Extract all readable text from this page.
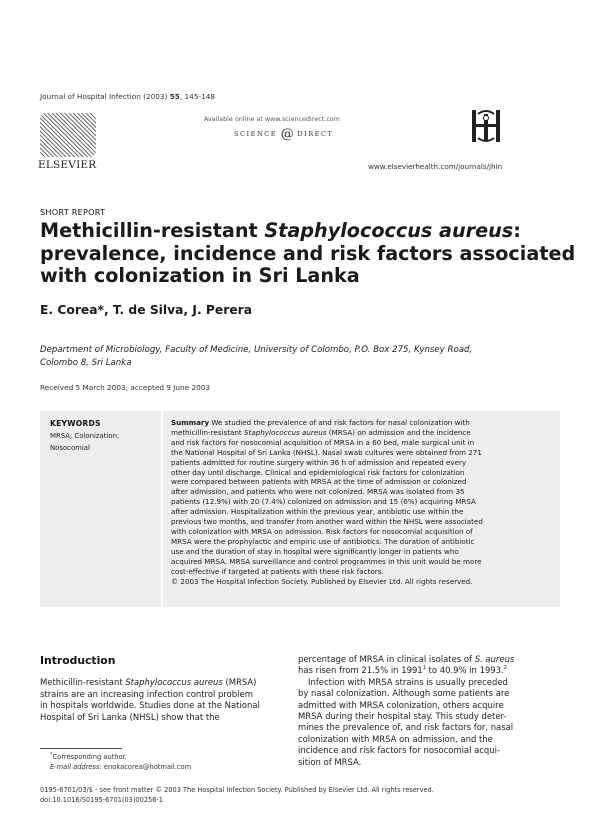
Journal of Hospital Infection (2003) 55, 145-148
ELSEVIER
Available online at www.sciencedirect.com
SCIENCE @ DIRECT
www.elsevierhealth.com/journals/jhin
SHORT REPORT
Methicillin-resistant Staphylococcus aureus:
prevalence, incidence and risk factors associated
with colonization in Sri Lanka
E. Corea*, T. de Silva, J. Perera
Department of Microbiology, Faculty of Medicine, University of Colombo, P.O. Box 275, Kynsey Road,
Colombo 8, Sri Lanka
Received 5 March 2003; accepted 9 June 2003
KEYWORDS
MRSA; Colonization;
Nosocomial
Summary We studied the prevalence of and risk factors for nasal colonization with
methicillin-resistant Staphylococcus aureus (MRSA) on admission and the incidence
and risk factors for nosocomial acquisition of MRSA in a 60 bed, male surgical unit in
the National Hospital of Sri Lanka (NHSL). Nasal swab cultures were obtained from 271
patients admitted for routine surgery within 36 h of admission and repeated every
other day until discharge. Clinical and epidemiological risk factors for colonization
were compared between patients with MRSA at the time of admission or colonized
after admission, and patients who were not colonized. MRSA was isolated from 35
patients (12.9%) with 20 (7.4%) colonized on admission and 15 (6%) acquiring MRSA
after admission. Hospitalization within the previous year, antibiotic use within the
previous two months, and transfer from another ward within the NHSL were associated
with colonization with MRSA on admission. Risk factors for nosocomial acquisition of
MRSA were the prophylactic and empiric use of antibiotics. The duration of antibiotic
use and the duration of stay in hospital were significantly longer in patients who
acquired MRSA. MRSA surveillance and control programmes in this unit would be more
cost-effective if targeted at patients with these risk factors.
© 2003 The Hospital Infection Society. Published by Elsevier Ltd. All rights reserved.
Introduction
Methicillin-resistant Staphylococcus aureus (MRSA)
strains are an increasing infection control problem
in hospitals worldwide. Studies done at the National
Hospital of Sri Lanka (NHSL) show that the
percentage of MRSA in clinical isolates of S. aureus
has risen from 21.5% in 1991$^1$ to 40.9% in 1993.$^2$
Infection with MRSA strains is usually preceded
by nasal colonization. Although some patients are
admitted with MRSA colonization, others acquire
MRSA during their hospital stay. This study deter-
mines the prevalence of, and risk factors for, nasal
colonization with MRSA on admission, and the
incidence and risk factors for nosocomial acqui-
sition of MRSA.
*Corresponding author.
E-mail address: enokacorea@hotmail.com
0195-6701/03/$ - see front matter © 2003 The Hospital Infection Society. Published by Elsevier Ltd. All rights reserved.
doi:10.1016/S0195-6701(03)00256-1
